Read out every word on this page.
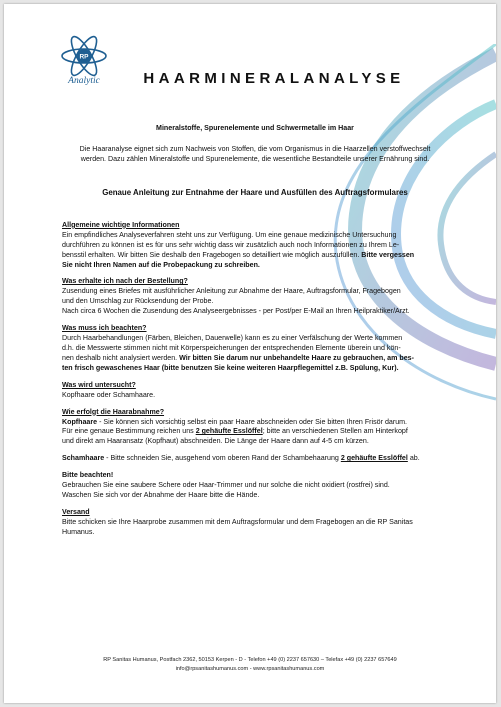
RP
Analytic	HAARMINERALANALYSE
Mineralstoffe, Spurenelemente und Schwermetalle im Haar
Die Haaranalyse eignet sich zum Nachweis von Stoffen, die vom Organismus in die Haarzellen verstoffwechselt
werden. Dazu zählen Mineralstoffe und Spurenelemente, die wesentliche Bestandteile unserer Ernährung sind.
Genaue Anleitung zur Entnahme der Haare und Ausfüllen des Auftragsformulares
Allgemeine wichtige Informationen
Ein empfindliches Analyseverfahren steht uns zur Verfügung. Um eine genaue medizinische Untersuchung
durchführen zu können ist es für uns sehr wichtig dass wir zusätzlich auch noch Informationen zu Ihrem Le-
bensstil erhalten. Wir bitten Sie deshalb den Fragebogen so detailliert wie möglich auszufüllen. Bitte vergessen
Sie nicht Ihren Namen auf die Probepackung zu schreiben.
Was erhalte ich nach der Bestellung?
Zusendung eines Briefes mit ausführlicher Anleitung zur Abnahme der Haare, Auftragsformular, Fragebogen
und den Umschlag zur Rücksendung der Probe.
Nach circa 6 Wochen die Zusendung des Analyseergebnisses - per Post/per E-Mail an Ihren Heilpraktiker/Arzt.
Was muss ich beachten?
Durch Haarbehandlungen (Färben, Bleichen, Dauerwelle) kann es zu einer Verfälschung der Werte kommen
d.h. die Messwerte stimmen nicht mit Körperspeicherungen der entsprechenden Elemente überein und kön-
nen deshalb nicht analysiert werden. Wir bitten Sie darum nur unbehandelte Haare zu gebrauchen, am bes-
ten frisch gewaschenes Haar (bitte benutzen Sie keine weiteren Haarpflegemittel z.B. Spülung, Kur).
Was wird untersucht?
Kopfhaare oder Schamhaare.
Wie erfolgt die Haarabnahme?
Kopfhaare - Sie können sich vorsichtig selbst ein paar Haare abschneiden oder Sie bitten Ihren Frisör darum.
Für eine genaue Bestimmung reichen uns 2 gehäufte Esslöffel; bitte an verschiedenen Stellen am Hinterkopf
und direkt am Haaransatz (Kopfhaut) abschneiden. Die Länge der Haare dann auf 4-5 cm kürzen.
Schamhaare - Bitte schneiden Sie, ausgehend vom oberen Rand der Schambehaarung 2 gehäufte Esslöffel ab.
Bitte beachten!
Gebrauchen Sie eine saubere Schere oder Haar-Trimmer und nur solche die nicht oxidiert (rostfrei) sind.
Waschen Sie sich vor der Abnahme der Haare bitte die Hände.
Versand
Bitte schicken sie Ihre Haarprobe zusammen mit dem Auftragsformular und dem Fragebogen an die RP Sanitas
Humanus.
RP Sanitas Humanus, Postfach 2362, 50153 Kerpen - D - Telefon +49 (0) 2237 657630 – Telefax +49 (0) 2237 657649
info@rpsanitashumanus.com - www.rpsanitashumanus.com
